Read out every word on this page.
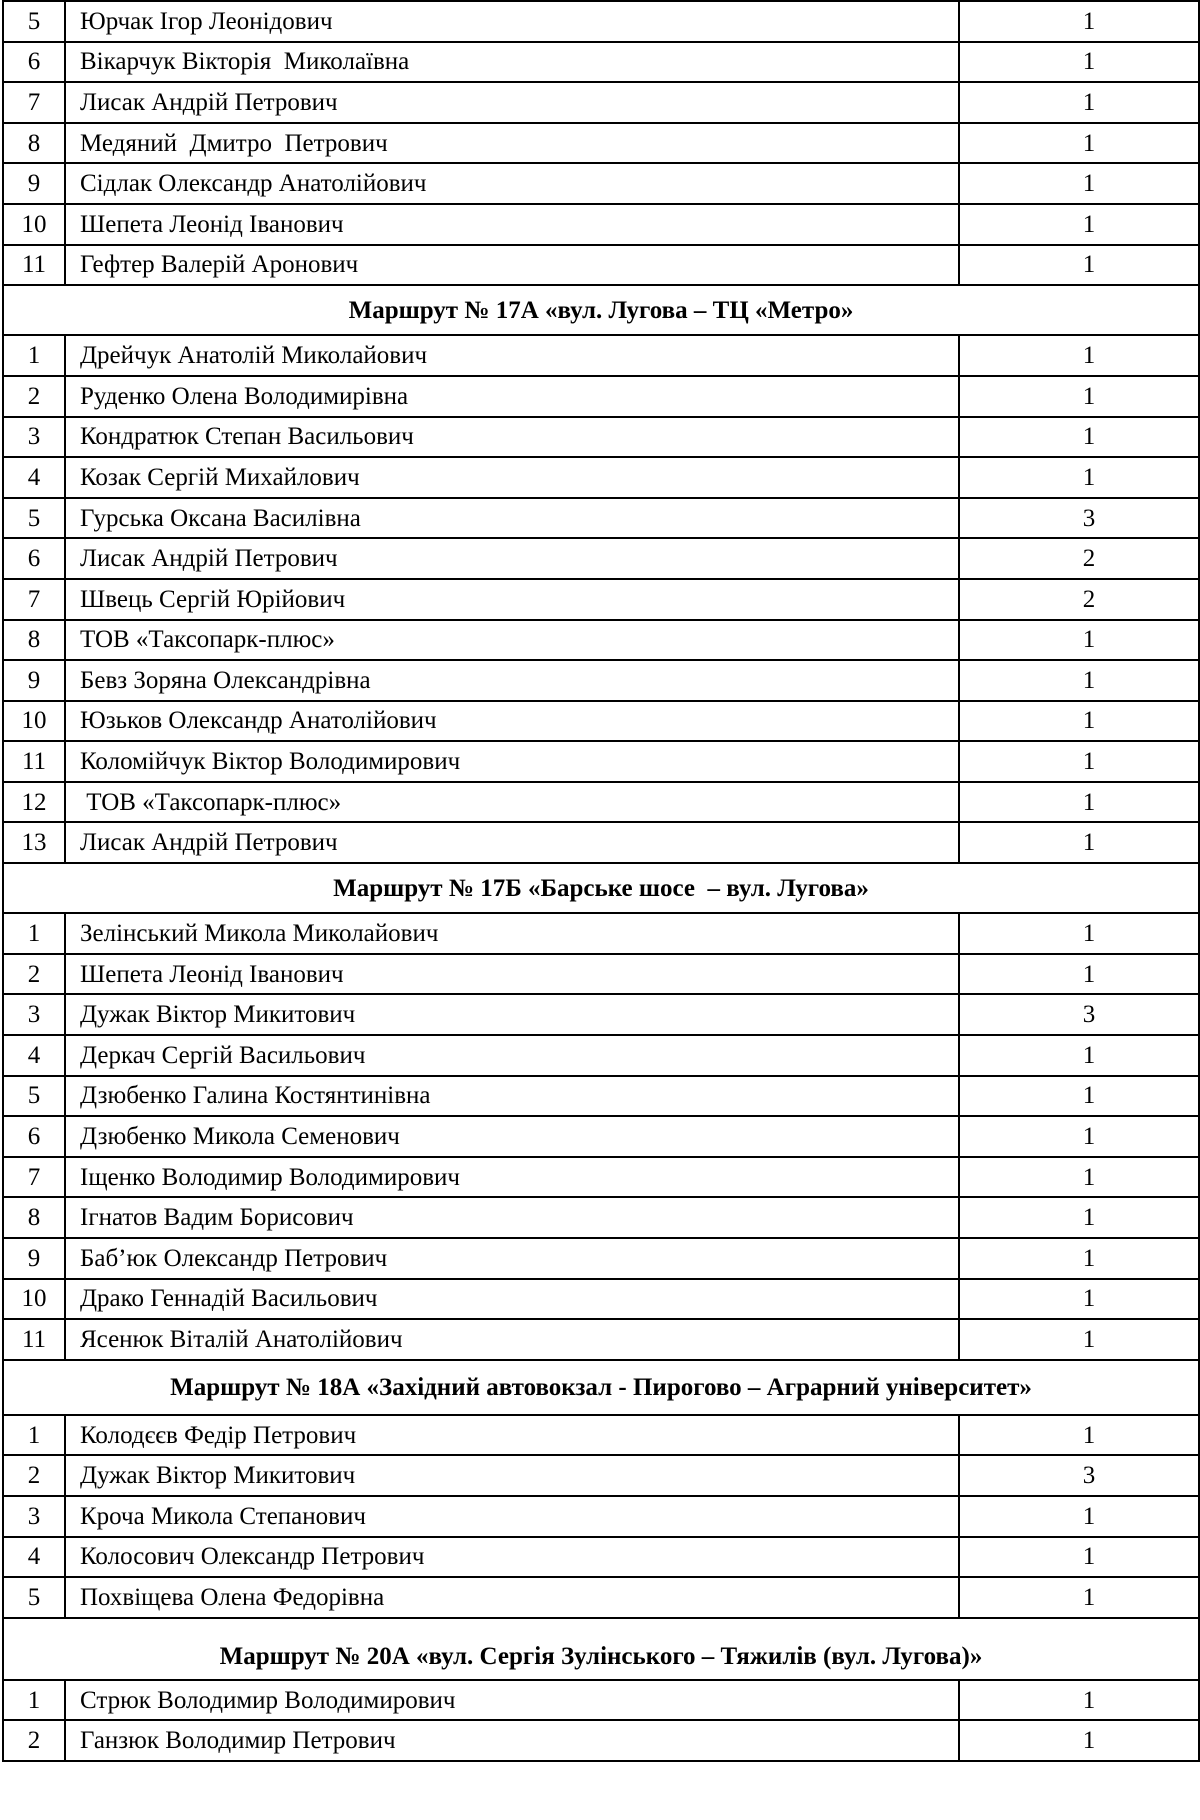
5	Юрчак Ігор Леонідович	1
6	Вікарчук Вікторія  Миколаївна	1
7	Лисак Андрій Петрович	1
8	Медяний  Дмитро  Петрович	1
9	Сідлак Олександр Анатолійович	1
10	Шепета Леонід Іванович	1
11	Гефтер Валерій Аронович	1
Маршрут № 17А «вул. Лугова – ТЦ «Метро»		
1	Дрейчук Анатолій Миколайович	1
2	Руденко Олена Володимирівна	1
3	Кондратюк Степан Васильович	1
4	Козак Сергій Михайлович	1
5	Гурська Оксана Василівна	3
6	Лисак Андрій Петрович	2
7	Швець Сергій Юрійович	2
8	ТОВ «Таксопарк-плюс»	1
9	Бевз Зоряна Олександрівна	1
10	Юзьков Олександр Анатолійович	1
11	Коломійчук Віктор Володимирович	1
12	ТОВ «Таксопарк-плюс»	1
13	Лисак Андрій Петрович	1
Маршрут № 17Б «Барське шосе  – вул. Лугова»		
1	Зелінський Микола Миколайович	1
2	Шепета Леонід Іванович	1
3	Дужак Віктор Микитович	3
4	Деркач Сергій Васильович	1
5	Дзюбенко Галина Костянтинівна	1
6	Дзюбенко Микола Семенович	1
7	Іщенко Володимир Володимирович	1
8	Ігнатов Вадим Борисович	1
9	Баб’юк Олександр Петрович	1
10	Драко Геннадій Васильович	1
11	Ясенюк Віталій Анатолійович	1
Маршрут № 18А «Західний автовокзал - Пирогово – Аграрний університет»		
1	Колодєєв Федір Петрович	1
2	Дужак Віктор Микитович	3
3	Кроча Микола Степанович	1
4	Колосович Олександр Петрович	1
5	Похвіщева Олена Федорівна	1
Маршрут № 20А «вул. Сергія Зулінського – Тяжилів (вул. Лугова)»		
1	Стрюк Володимир Володимирович	1
2	Ганзюк Володимир Петрович	1
